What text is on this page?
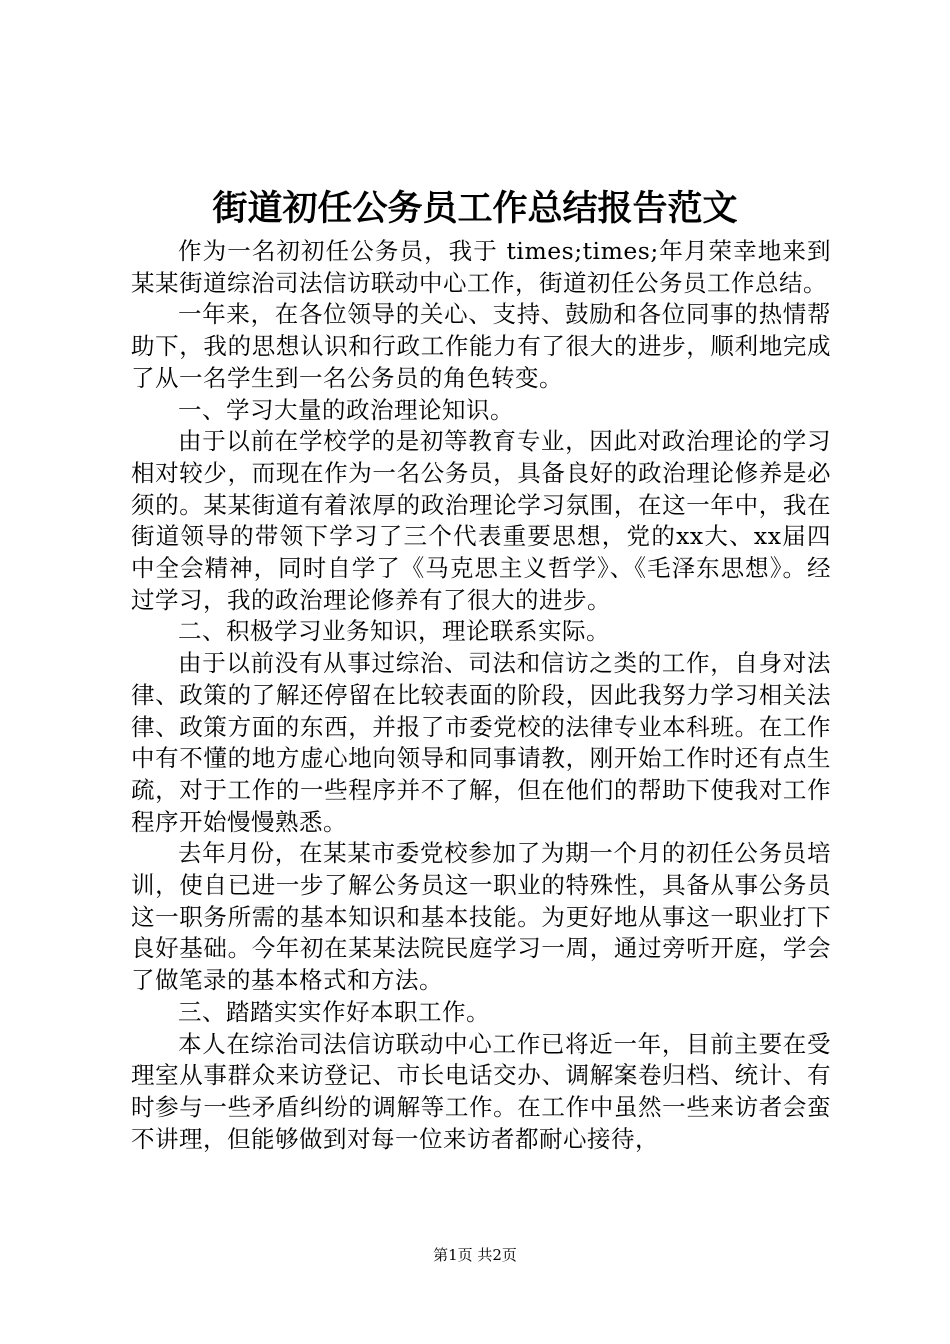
街道初任公务员工作总结报告范文

作为一名初初任公务员，我于 times;times;年月荣幸地来到某某街道综治司法信访联动中心工作，街道初任公务员工作总结。

一年来，在各位领导的关心、支持、鼓励和各位同事的热情帮助下，我的思想认识和行政工作能力有了很大的进步，顺利地完成了从一名学生到一名公务员的角色转变。

一、学习大量的政治理论知识。

由于以前在学校学的是初等教育专业，因此对政治理论的学习相对较少，而现在作为一名公务员，具备良好的政治理论修养是必须的。某某街道有着浓厚的政治理论学习氛围，在这一年中，我在街道领导的带领下学习了三个代表重要思想，党的xx大、xx届四中全会精神，同时自学了《马克思主义哲学》、《毛泽东思想》。经过学习，我的政治理论修养有了很大的进步。

二、积极学习业务知识，理论联系实际。

由于以前没有从事过综治、司法和信访之类的工作，自身对法律、政策的了解还停留在比较表面的阶段，因此我努力学习相关法律、政策方面的东西，并报了市委党校的法律专业本科班。在工作中有不懂的地方虚心地向领导和同事请教，刚开始工作时还有点生疏，对于工作的一些程序并不了解，但在他们的帮助下使我对工作程序开始慢慢熟悉。

去年月份，在某某市委党校参加了为期一个月的初任公务员培训，使自已进一步了解公务员这一职业的特殊性，具备从事公务员这一职务所需的基本知识和基本技能。为更好地从事这一职业打下良好基础。今年初在某某法院民庭学习一周，通过旁听开庭，学会了做笔录的基本格式和方法。

三、踏踏实实作好本职工作。

本人在综治司法信访联动中心工作已将近一年，目前主要在受理室从事群众来访登记、市长电话交办、调解案卷归档、统计、有时参与一些矛盾纠纷的调解等工作。在工作中虽然一些来访者会蛮不讲理，但能够做到对每一位来访者都耐心接待，

第1页 共2页
